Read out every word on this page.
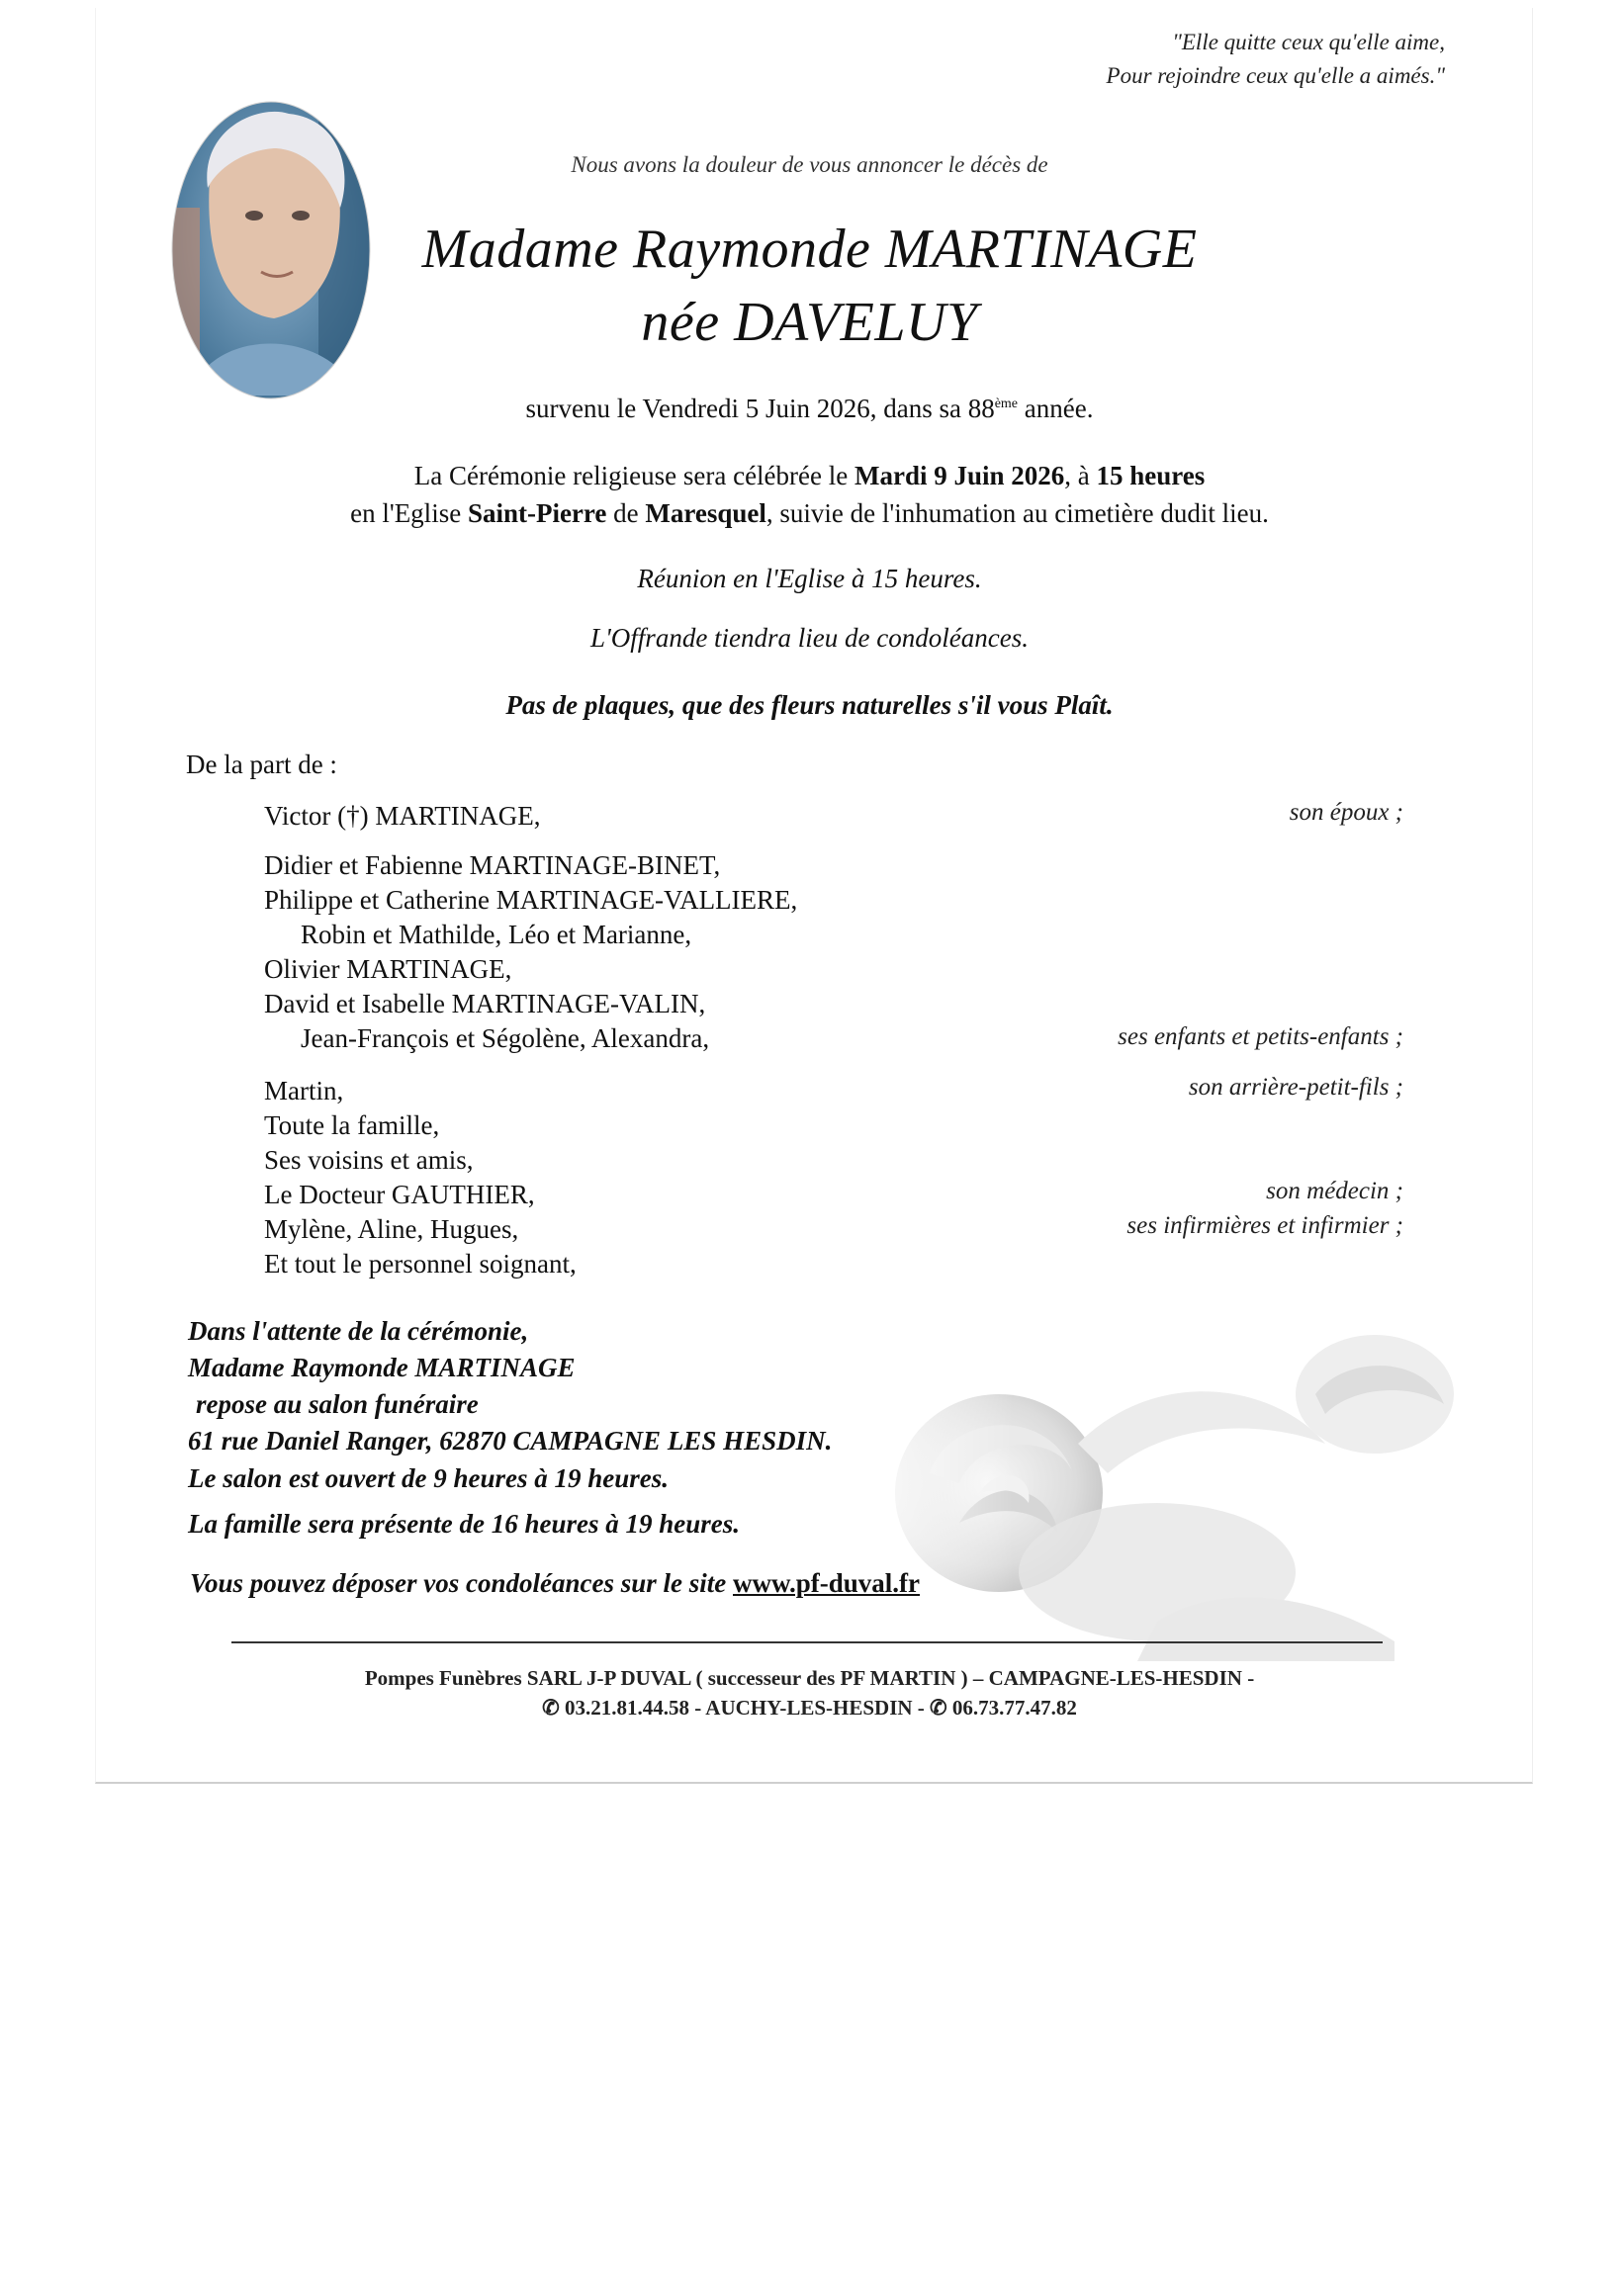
"Elle quitte ceux qu'elle aime,
Pour rejoindre ceux qu'elle a aimés."
Nous avons la douleur de vous annoncer le décès de
Madame Raymonde MARTINAGE
née DAVELUY
survenu le Vendredi 5 Juin 2026, dans sa 88ème année.
La Cérémonie religieuse sera célébrée le Mardi 9 Juin 2026, à 15 heures
en l'Eglise Saint-Pierre de Maresquel, suivie de l'inhumation au cimetière dudit lieu.
Réunion en l'Eglise à 15 heures.
L'Offrande tiendra lieu de condoléances.
Pas de plaques, que des fleurs naturelles s'il vous Plaît.
De la part de :
Victor (†) MARTINAGE,
Didier et Fabienne MARTINAGE-BINET,
Philippe et Catherine MARTINAGE-VALLIERE,
Robin et Mathilde, Léo et Marianne,
Olivier MARTINAGE,
David et Isabelle MARTINAGE-VALIN,
Jean-François et Ségolène, Alexandra,
Martin,
Toute la famille,
Ses voisins et amis,
Le Docteur GAUTHIER,
Mylène, Aline, Hugues,
Et tout le personnel soignant,
son époux ;
ses enfants et petits-enfants ;
son arrière-petit-fils ;
son médecin ;
ses infirmières et infirmier ;
Dans l'attente de la cérémonie,
Madame Raymonde MARTINAGE
repose au salon funéraire
61 rue Daniel Ranger, 62870 CAMPAGNE LES HESDIN.
Le salon est ouvert de 9 heures à 19 heures.
La famille sera présente de 16 heures à 19 heures.
Vous pouvez déposer vos condoléances sur le site www.pf-duval.fr
Pompes Funèbres SARL J-P DUVAL ( successeur des PF MARTIN ) – CAMPAGNE-LES-HESDIN -
✆ 03.21.81.44.58 - AUCHY-LES-HESDIN - ✆ 06.73.77.47.82
